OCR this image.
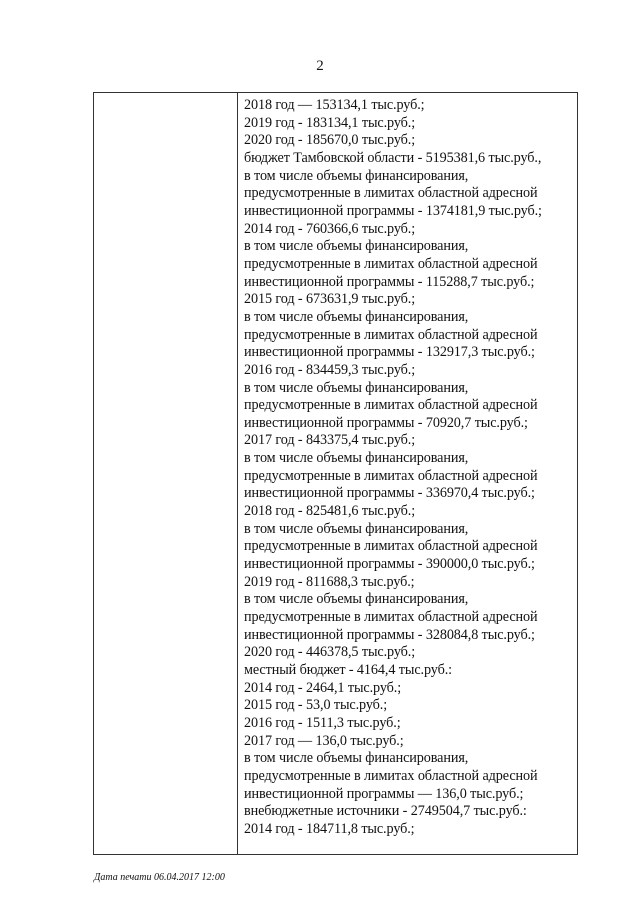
2
2018 год — 153134,1 тыс.руб.;
2019 год - 183134,1 тыс.руб.;
2020 год - 185670,0 тыс.руб.;
бюджет Тамбовской области - 5195381,6 тыс.руб.,
в том числе объемы финансирования,
предусмотренные в лимитах областной адресной
инвестиционной программы - 1374181,9 тыс.руб.;
2014 год - 760366,6 тыс.руб.;
в том числе объемы финансирования,
предусмотренные в лимитах областной адресной
инвестиционной программы - 115288,7 тыс.руб.;
2015 год - 673631,9 тыс.руб.;
в том числе объемы финансирования,
предусмотренные в лимитах областной адресной
инвестиционной программы - 132917,3 тыс.руб.;
2016 год - 834459,3 тыс.руб.;
в том числе объемы финансирования,
предусмотренные в лимитах областной адресной
инвестиционной программы - 70920,7 тыс.руб.;
2017 год - 843375,4 тыс.руб.;
в том числе объемы финансирования,
предусмотренные в лимитах областной адресной
инвестиционной программы - 336970,4 тыс.руб.;
2018 год - 825481,6 тыс.руб.;
в том числе объемы финансирования,
предусмотренные в лимитах областной адресной
инвестиционной программы - 390000,0 тыс.руб.;
2019 год - 811688,3 тыс.руб.;
в том числе объемы финансирования,
предусмотренные в лимитах областной адресной
инвестиционной программы - 328084,8 тыс.руб.;
2020 год - 446378,5 тыс.руб.;
местный бюджет - 4164,4 тыс.руб.:
2014 год - 2464,1 тыс.руб.;
2015 год - 53,0 тыс.руб.;
2016 год - 1511,3 тыс.руб.;
2017 год — 136,0 тыс.руб.;
в том числе объемы финансирования,
предусмотренные в лимитах областной адресной
инвестиционной программы — 136,0 тыс.руб.;
внебюджетные источники - 2749504,7 тыс.руб.:
2014 год - 184711,8 тыс.руб.;
Дата печати 06.04.2017 12:00
